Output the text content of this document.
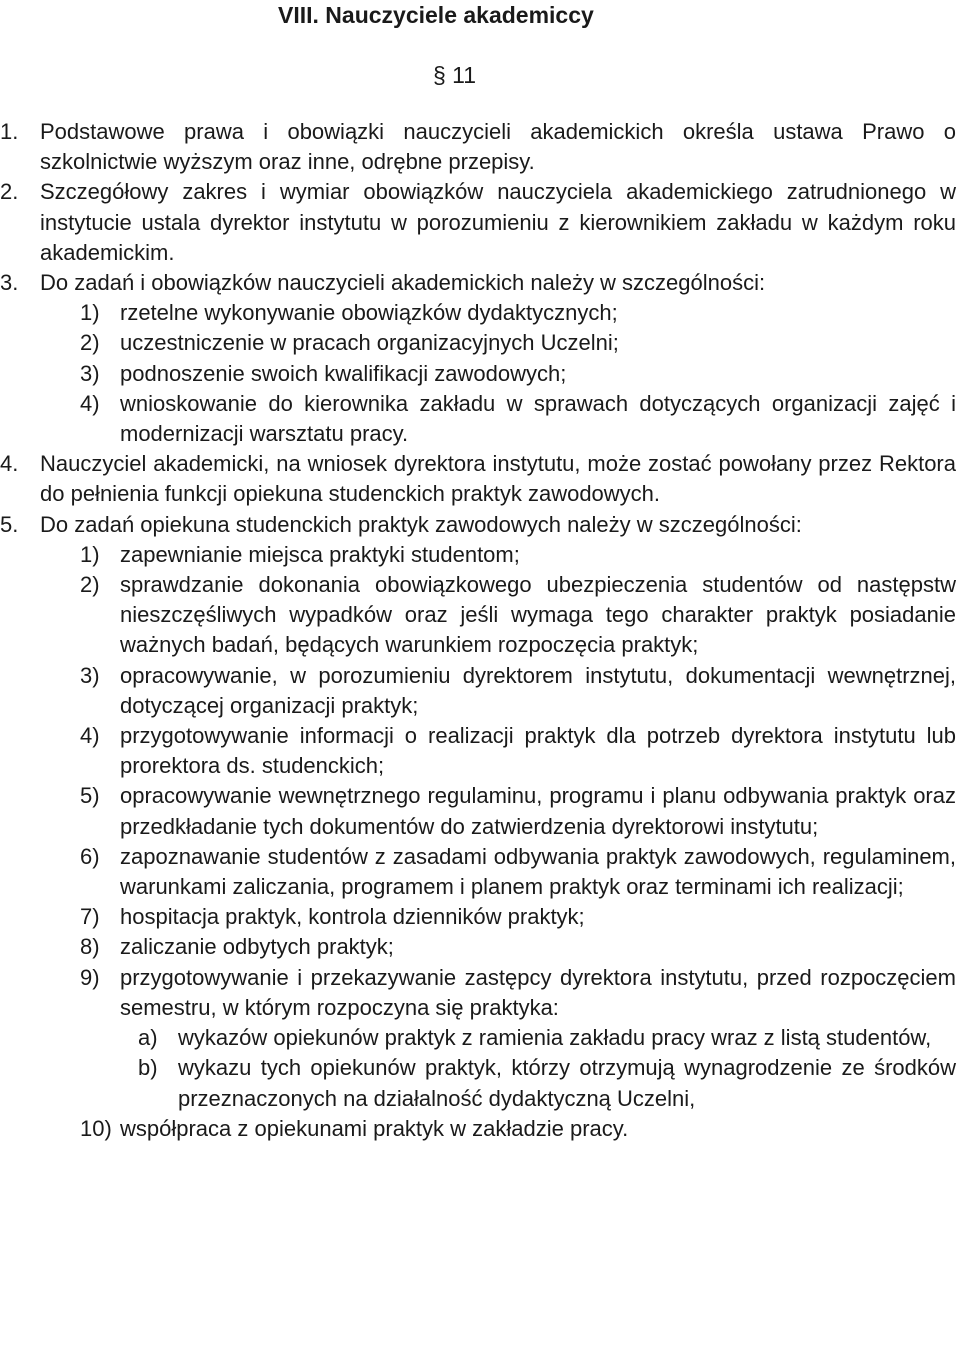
VIII. Nauczyciele akademiccy
§ 11
1. Podstawowe prawa i obowiązki nauczycieli akademickich określa ustawa Prawo o szkolnictwie wyższym oraz inne, odrębne przepisy.
2. Szczegółowy zakres i wymiar obowiązków nauczyciela akademickiego zatrudnionego w instytucie ustala dyrektor instytutu w porozumieniu z kierownikiem zakładu w każdym roku akademickim.
3. Do zadań i obowiązków nauczycieli akademickich należy w szczególności:
1) rzetelne wykonywanie obowiązków dydaktycznych;
2) uczestniczenie w pracach organizacyjnych Uczelni;
3) podnoszenie swoich kwalifikacji zawodowych;
4) wnioskowanie do kierownika zakładu w sprawach dotyczących organizacji zajęć i modernizacji warsztatu pracy.
4. Nauczyciel akademicki, na wniosek dyrektora instytutu, może zostać powołany przez Rektora do pełnienia funkcji opiekuna studenckich praktyk zawodowych.
5. Do zadań opiekuna studenckich praktyk zawodowych należy w szczególności:
1) zapewnianie miejsca praktyki studentom;
2) sprawdzanie dokonania obowiązkowego ubezpieczenia studentów od następstw nieszczęśliwych wypadków oraz jeśli wymaga tego charakter praktyk posiadanie ważnych badań, będących warunkiem rozpoczęcia praktyk;
3) opracowywanie, w porozumieniu dyrektorem instytutu, dokumentacji wewnętrznej, dotyczącej organizacji praktyk;
4) przygotowywanie informacji o realizacji praktyk dla potrzeb dyrektora instytutu lub prorektora ds. studenckich;
5) opracowywanie wewnętrznego regulaminu, programu i planu odbywania praktyk oraz przedkładanie tych dokumentów do zatwierdzenia dyrektorowi instytutu;
6) zapoznawanie studentów z zasadami odbywania praktyk zawodowych, regulaminem, warunkami zaliczania, programem i planem praktyk oraz terminami ich realizacji;
7) hospitacja praktyk, kontrola dzienników praktyk;
8) zaliczanie odbytych praktyk;
9) przygotowywanie i przekazywanie zastępcy dyrektora instytutu, przed rozpoczęciem semestru, w którym rozpoczyna się praktyka:
a) wykazów opiekunów praktyk z ramienia zakładu pracy wraz z listą studentów,
b) wykazu tych opiekunów praktyk, którzy otrzymują wynagrodzenie ze środków przeznaczonych na działalność dydaktyczną Uczelni,
10) współpraca z opiekunami praktyk w zakładzie pracy.
